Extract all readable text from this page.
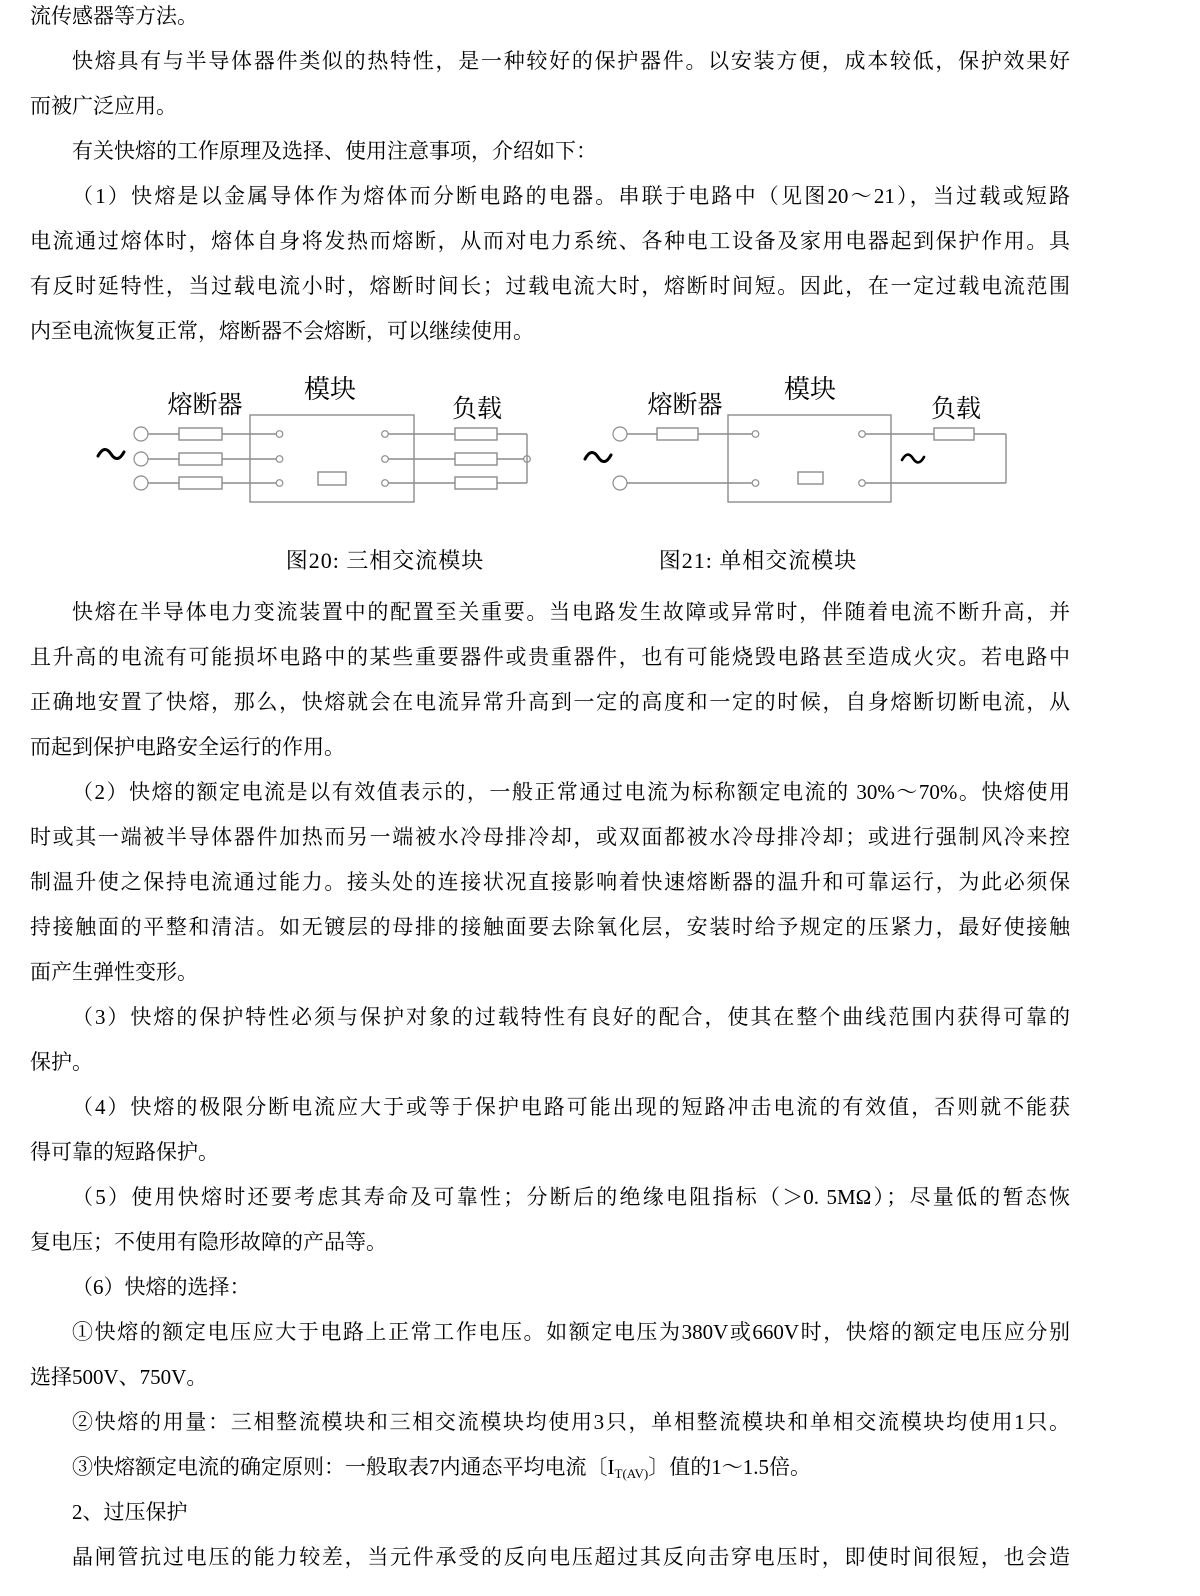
流传感器等方法。
快熔具有与半导体器件类似的热特性，是一种较好的保护器件。以安装方便，成本较低，保护效果好
而被广泛应用。
有关快熔的工作原理及选择、使用注意事项，介绍如下：
（1）快熔是以金属导体作为熔体而分断电路的电器。串联于电路中（见图20～21），当过载或短路
电流通过熔体时，熔体自身将发热而熔断，从而对电力系统、各种电工设备及家用电器起到保护作用。具
有反时延特性，当过载电流小时，熔断时间长；过载电流大时，熔断时间短。因此，在一定过载电流范围
内至电流恢复正常，熔断器不会熔断，可以继续使用。
熔断器
模块
负载	熔断器
模块
负载
图20: 三相交流模块	图21: 单相交流模块
快熔在半导体电力变流装置中的配置至关重要。当电路发生故障或异常时，伴随着电流不断升高，并
且升高的电流有可能损坏电路中的某些重要器件或贵重器件，也有可能烧毁电路甚至造成火灾。若电路中
正确地安置了快熔，那么，快熔就会在电流异常升高到一定的高度和一定的时候，自身熔断切断电流，从
而起到保护电路安全运行的作用。
（2）快熔的额定电流是以有效值表示的，一般正常通过电流为标称额定电流的 30%～70%。快熔使用
时或其一端被半导体器件加热而另一端被水冷母排冷却，或双面都被水冷母排冷却；或进行强制风冷来控
制温升使之保持电流通过能力。接头处的连接状况直接影响着快速熔断器的温升和可靠运行，为此必须保
持接触面的平整和清洁。如无镀层的母排的接触面要去除氧化层，安装时给予规定的压紧力，最好使接触
面产生弹性变形。
（3）快熔的保护特性必须与保护对象的过载特性有良好的配合，使其在整个曲线范围内获得可靠的
保护。
（4）快熔的极限分断电流应大于或等于保护电路可能出现的短路冲击电流的有效值，否则就不能获
得可靠的短路保护。
（5）使用快熔时还要考虑其寿命及可靠性；分断后的绝缘电阻指标（＞0. 5MΩ）；尽量低的暂态恢
复电压；不使用有隐形故障的产品等。
（6）快熔的选择：
①快熔的额定电压应大于电路上正常工作电压。如额定电压为380V或660V时，快熔的额定电压应分别
选择500V、750V。
②快熔的用量：三相整流模块和三相交流模块均使用3只，单相整流模块和单相交流模块均使用1只。
③快熔额定电流的确定原则：一般取表7内通态平均电流〔$I_{T(AV)}$〕值的1～1.5倍。
2、过压保护
晶闸管抗过电压的能力较差，当元件承受的反向电压超过其反向击穿电压时，即使时间很短，也会造
